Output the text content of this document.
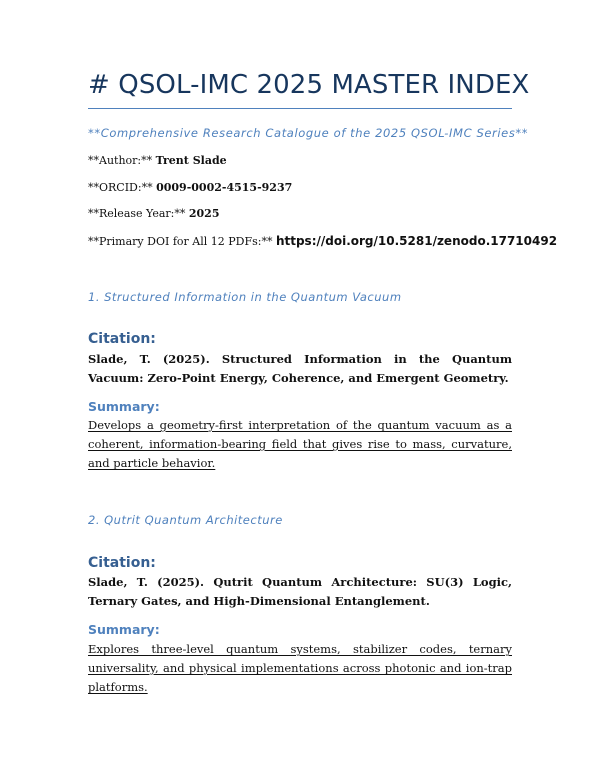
# QSOL-IMC 2025 MASTER INDEX
**Comprehensive Research Catalogue of the 2025 QSOL-IMC Series**
**Author:** Trent Slade
**ORCID:** 0009-0002-4515-9237
**Release Year:** 2025
**Primary DOI for All 12 PDFs:** https://doi.org/10.5281/zenodo.17710492
1. Structured Information in the Quantum Vacuum
Citation:
Slade, T. (2025). Structured Information in the Quantum Vacuum: Zero-Point Energy, Coherence, and Emergent Geometry.
Summary:
Develops a geometry-first interpretation of the quantum vacuum as a coherent, information-bearing field that gives rise to mass, curvature, and particle behavior.
2. Qutrit Quantum Architecture
Citation:
Slade, T. (2025). Qutrit Quantum Architecture: SU(3) Logic, Ternary Gates, and High-Dimensional Entanglement.
Summary:
Explores three-level quantum systems, stabilizer codes, ternary universality, and physical implementations across photonic and ion-trap platforms.
